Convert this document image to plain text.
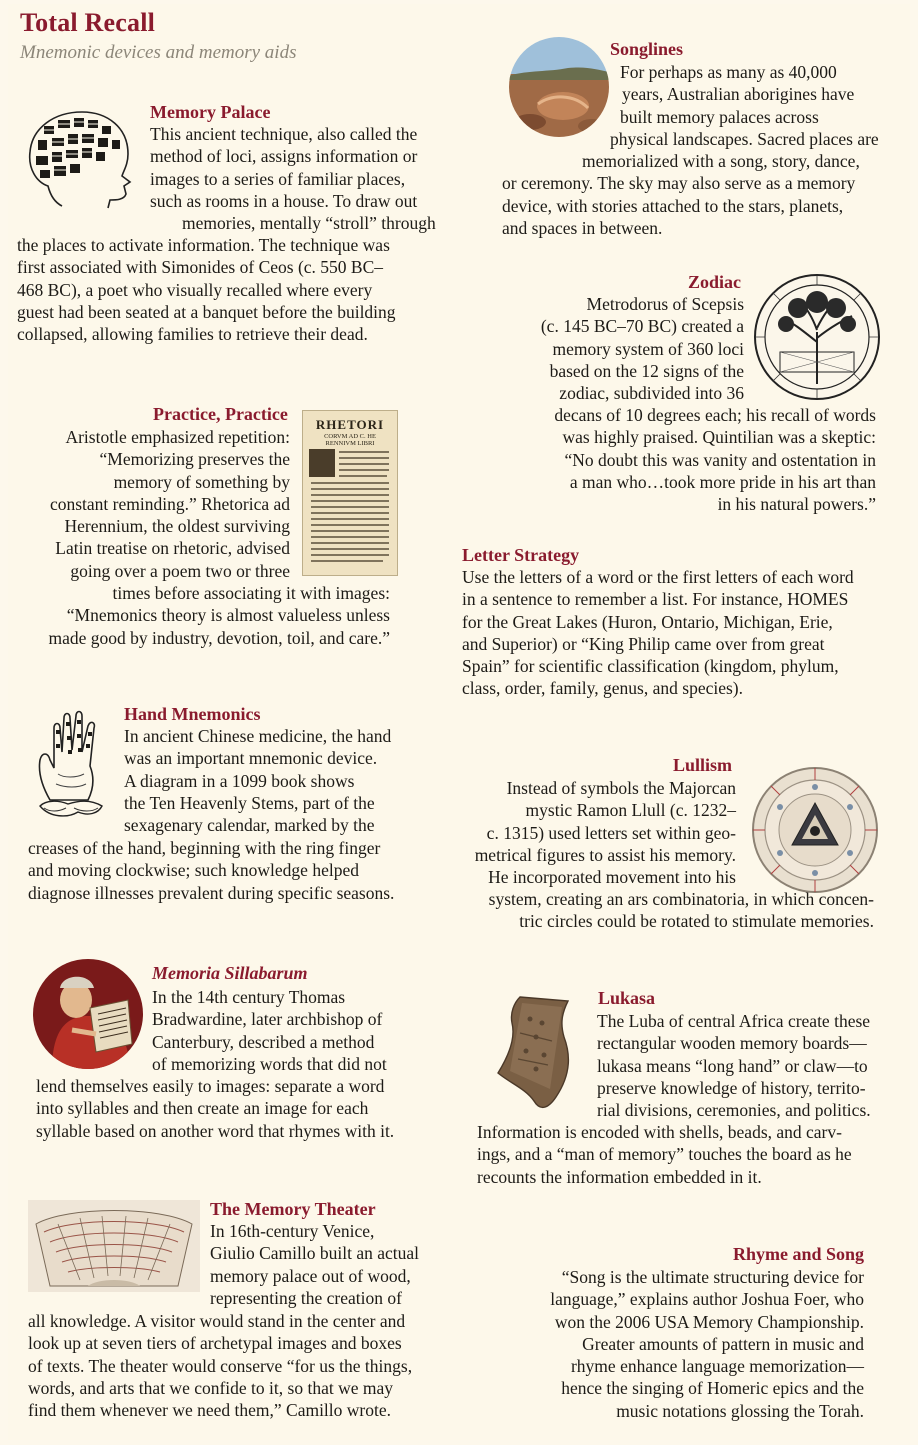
Total Recall
Mnemonic devices and memory aids
Memory Palace
This ancient technique, also called the
method of loci, assigns information or
images to a series of familiar places,
such as rooms in a house. To draw out
memories, mentally “stroll” through
the places to activate information. The technique was
first associated with Simonides of Ceos (c. 550 BC–
468 BC), a poet who visually recalled where every
guest had been seated at a banquet before the building
collapsed, allowing families to retrieve their dead.
Songlines
For perhaps as many as 40,000
years, Australian aborigines have
built memory palaces across
physical landscapes. Sacred places are
memorialized with a song, story, dance,
or ceremony. The sky may also serve as a memory
device, with stories attached to the stars, planets,
and spaces in between.
Zodiac
Metrodorus of Scepsis
(c. 145 BC–70 BC) created a
memory system of 360 loci
based on the 12 signs of the
zodiac, subdivided into 36
decans of 10 degrees each; his recall of words
was highly praised. Quintilian was a skeptic:
“No doubt this was vanity and ostentation in
a man who…took more pride in his art than
in his natural powers.”
RHETORI
CORVM AD C. HE
RENNIVM LIBRI
Practice, Practice
Aristotle emphasized repetition:
“Memorizing preserves the
memory of something by
constant reminding.” Rhetorica ad
Herennium, the oldest surviving
Latin treatise on rhetoric, advised
going over a poem two or three
times before associating it with images:
“Mnemonics theory is almost valueless unless
made good by industry, devotion, toil, and care.”
Letter Strategy
Use the letters of a word or the first letters of each word
in a sentence to remember a list. For instance, HOMES
for the Great Lakes (Huron, Ontario, Michigan, Erie,
and Superior) or “King Philip came over from great
Spain” for scientific classification (kingdom, phylum,
class, order, family, genus, and species).
Hand Mnemonics
In ancient Chinese medicine, the hand
was an important mnemonic device.
A diagram in a 1099 book shows
the Ten Heavenly Stems, part of the
sexagenary calendar, marked by the
creases of the hand, beginning with the ring finger
and moving clockwise; such knowledge helped
diagnose illnesses prevalent during specific seasons.
Lullism
Instead of symbols the Majorcan
mystic Ramon Llull (c. 1232–
c. 1315) used letters set within geo-
metrical figures to assist his memory.
He incorporated movement into his
system, creating an ars combinatoria, in which concen-
tric circles could be rotated to stimulate memories.
Memoria Sillabarum
In the 14th century Thomas
Bradwardine, later archbishop of
Canterbury, described a method
of memorizing words that did not
lend themselves easily to images: separate a word
into syllables and then create an image for each
syllable based on another word that rhymes with it.
Lukasa
The Luba of central Africa create these
rectangular wooden memory boards—
lukasa means “long hand” or claw—to
preserve knowledge of history, territo-
rial divisions, ceremonies, and politics.
Information is encoded with shells, beads, and carv-
ings, and a “man of memory” touches the board as he
recounts the information embedded in it.
The Memory Theater
In 16th-century Venice,
Giulio Camillo built an actual
memory palace out of wood,
representing the creation of
all knowledge. A visitor would stand in the center and
look up at seven tiers of archetypal images and boxes
of texts. The theater would conserve “for us the things,
words, and arts that we confide to it, so that we may
find them whenever we need them,” Camillo wrote.
Rhyme and Song
“Song is the ultimate structuring device for
language,” explains author Joshua Foer, who
won the 2006 USA Memory Championship.
Greater amounts of pattern in music and
rhyme enhance language memorization—
hence the singing of Homeric epics and the
music notations glossing the Torah.
